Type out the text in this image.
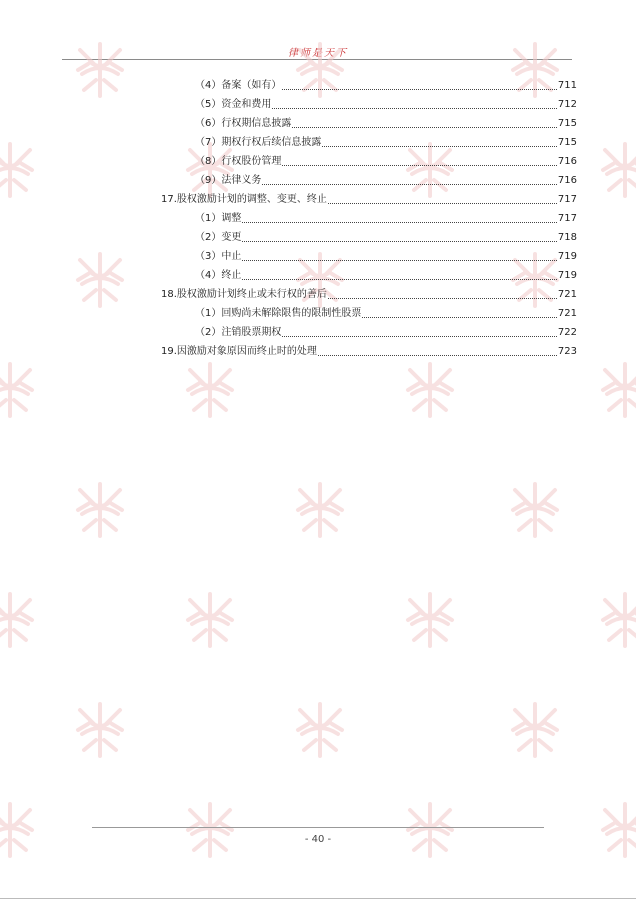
律师是天下
（4）备案（如有）	711
（5）资金和费用	712
（6）行权期信息披露	715
（7）期权行权后续信息披露	715
（8）行权股份管理	716
（9）法律义务	716
17.股权激励计划的调整、变更、终止	717
（1）调整	717
（2）变更	718
（3）中止	719
（4）终止	719
18.股权激励计划终止或未行权的善后	721
（1）回购尚未解除限售的限制性股票	721
（2）注销股票期权	722
19.因激励对象原因而终止时的处理	723
- 40 -
